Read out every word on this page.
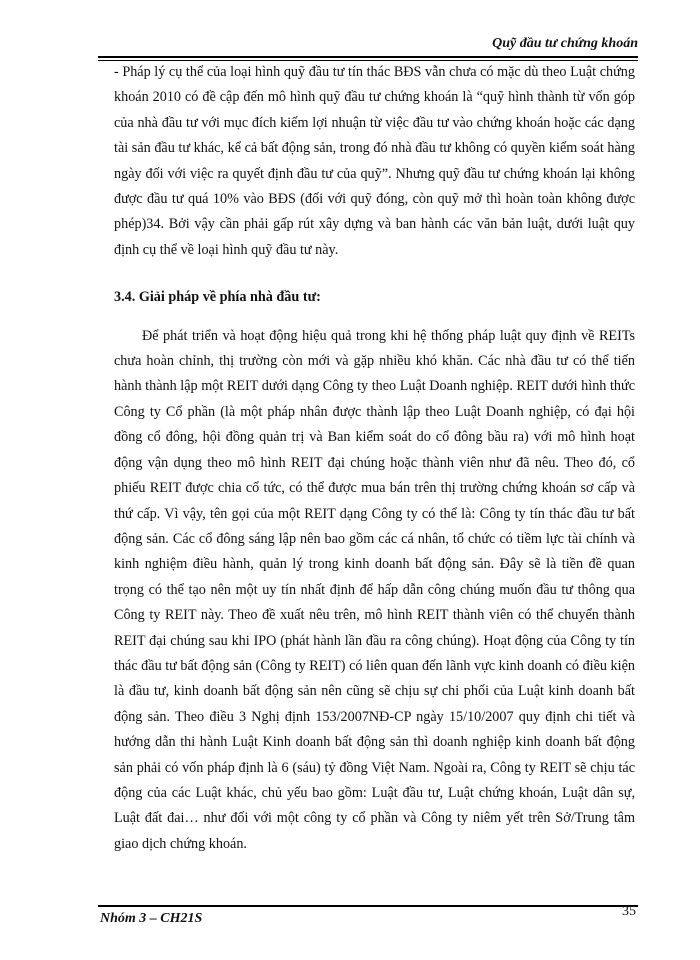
Quỹ đầu tư chứng khoán

- Pháp lý cụ thể của loại hình quỹ đầu tư tín thác BĐS vẫn chưa có mặc dù theo Luật chứng khoán 2010 có đề cập đến mô hình quỹ đầu tư chứng khoán là “quỹ hình thành từ vốn góp của nhà đầu tư với mục đích kiếm lợi nhuận từ việc đầu tư vào chứng khoán hoặc các dạng tài sản đầu tư khác, kể cả bất động sản, trong đó nhà đầu tư không có quyền kiểm soát hàng ngày đối với việc ra quyết định đầu tư của quỹ”. Nhưng quỹ đầu tư chứng khoán lại không được đầu tư quá 10% vào BĐS (đối với quỹ đóng, còn quỹ mở thì hoàn toàn không được phép)34. Bởi vậy cần phải gấp rút xây dựng và ban hành các văn bản luật, dưới luật quy định cụ thể về loại hình quỹ đầu tư này.

3.4. Giải pháp về phía nhà đầu tư:

Để phát triển và hoạt động hiệu quả trong khi hệ thống pháp luật quy định về REITs chưa hoàn chỉnh, thị trường còn mới và gặp nhiều khó khăn. Các nhà đầu tư có thể tiến hành thành lập một REIT dưới dạng Công ty theo Luật Doanh nghiệp. REIT dưới hình thức Công ty Cổ phần (là một pháp nhân được thành lập theo Luật Doanh nghiệp, có đại hội đồng cổ đông, hội đồng quản trị và Ban kiểm soát do cổ đông bầu ra) với mô hình hoạt động vận dụng theo mô hình REIT đại chúng hoặc thành viên như đã nêu. Theo đó, cổ phiếu REIT được chia cổ tức, có thể được mua bán trên thị trường chứng khoán sơ cấp và thứ cấp. Vì vậy, tên gọi của một REIT dạng Công ty có thể là: Công ty tín thác đầu tư bất động sản. Các cổ đông sáng lập nên bao gồm các cá nhân, tổ chức có tiềm lực tài chính và kinh nghiệm điều hành, quản lý trong kinh doanh bất động sản. Đây sẽ là tiền đề quan trọng có thể tạo nên một uy tín nhất định để hấp dẫn công chúng muốn đầu tư thông qua Công ty REIT này. Theo đề xuất nêu trên, mô hình REIT thành viên có thể chuyển thành REIT đại chúng sau khi IPO (phát hành lần đầu ra công chúng). Hoạt động của Công ty tín thác đầu tư bất động sản (Công ty REIT) có liên quan đến lãnh vực kinh doanh có điều kiện là đầu tư, kinh doanh bất động sản nên cũng sẽ chịu sự chi phối của Luật kinh doanh bất động sản. Theo điều 3 Nghị định 153/2007NĐ-CP ngày 15/10/2007 quy định chi tiết và hướng dẫn thi hành Luật Kinh doanh bất động sản thì doanh nghiệp kinh doanh bất động sản phải có vốn pháp định là 6 (sáu) tỷ đồng Việt Nam. Ngoài ra, Công ty REIT sẽ chịu tác động của các Luật khác, chủ yếu bao gồm: Luật đầu tư, Luật chứng khoán, Luật dân sự, Luật đất đai… như đối với một công ty cổ phần và Công ty niêm yết trên Sở/Trung tâm giao dịch chứng khoán.

Nhóm 3 – CH21S	35
